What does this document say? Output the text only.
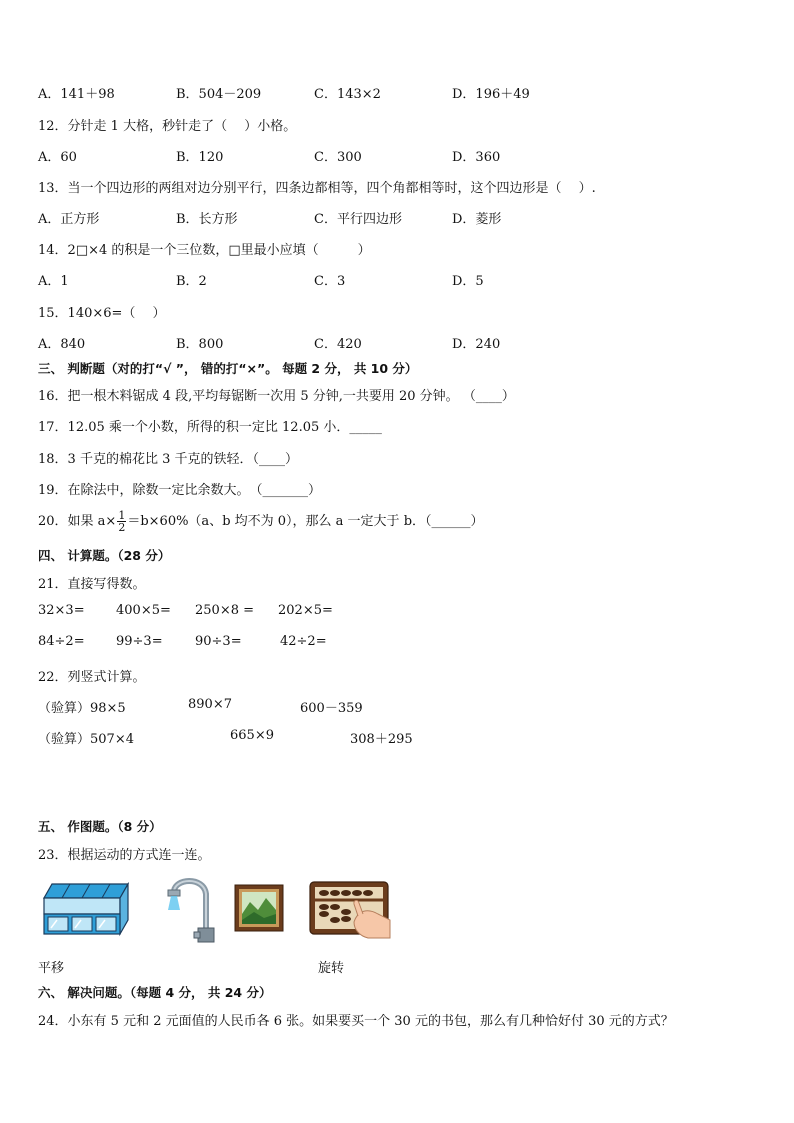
A．141＋98	B．504－209	C．143×2	D．196＋49
12．分针走 1 大格，秒针走了（　 ）小格。
A．60	B．120	C．300	D．360
13．当一个四边形的两组对边分别平行，四条边都相等，四个角都相等时，这个四边形是（　 ）.
A．正方形	B．长方形	C．平行四边形	D．菱形
14．2□×4 的积是一个三位数，□里最小应填（　　　）
A．1	B．2	C．3	D．5
15．140×6=（　 ）
A．840	B．800	C．420	D．240
三、 判断题（对的打“√ ”， 错的打“×”。 每题 2 分， 共 10 分）
16．把一根木料锯成 4 段,平均每锯断一次用 5 分钟,一共要用 20 分钟。 （____）
17．12.05 乘一个小数，所得的积一定比 12.05 小．_____
18．3 千克的棉花比 3 千克的铁轻．（____）
19．在除法中，除数一定比余数大。　（_______）
20．如果 $a\times \frac{1}{2} =b\times 60\%(a$、b 均不为 0），那么 a 一定大于 b．（______）
四、 计算题。（28 分）
21．直接写得数。
32×3= 400×5= 250×8 = 202×5=
84÷2= 99÷3= 90÷3=	42÷2=
22．列竖式计算。
（验算）98×5	890×7	600－359
（验算）507×4	665×9	308＋295
五、 作图题。（8 分）
23．根据运动的方式连一连。
平移	旋转
六、 解决问题。（每题 4 分， 共 24 分）
24．小东有 5 元和 2 元面值的人民币各 6 张。如果要买一个 30 元的书包，那么有几种恰好付 30 元的方式？
